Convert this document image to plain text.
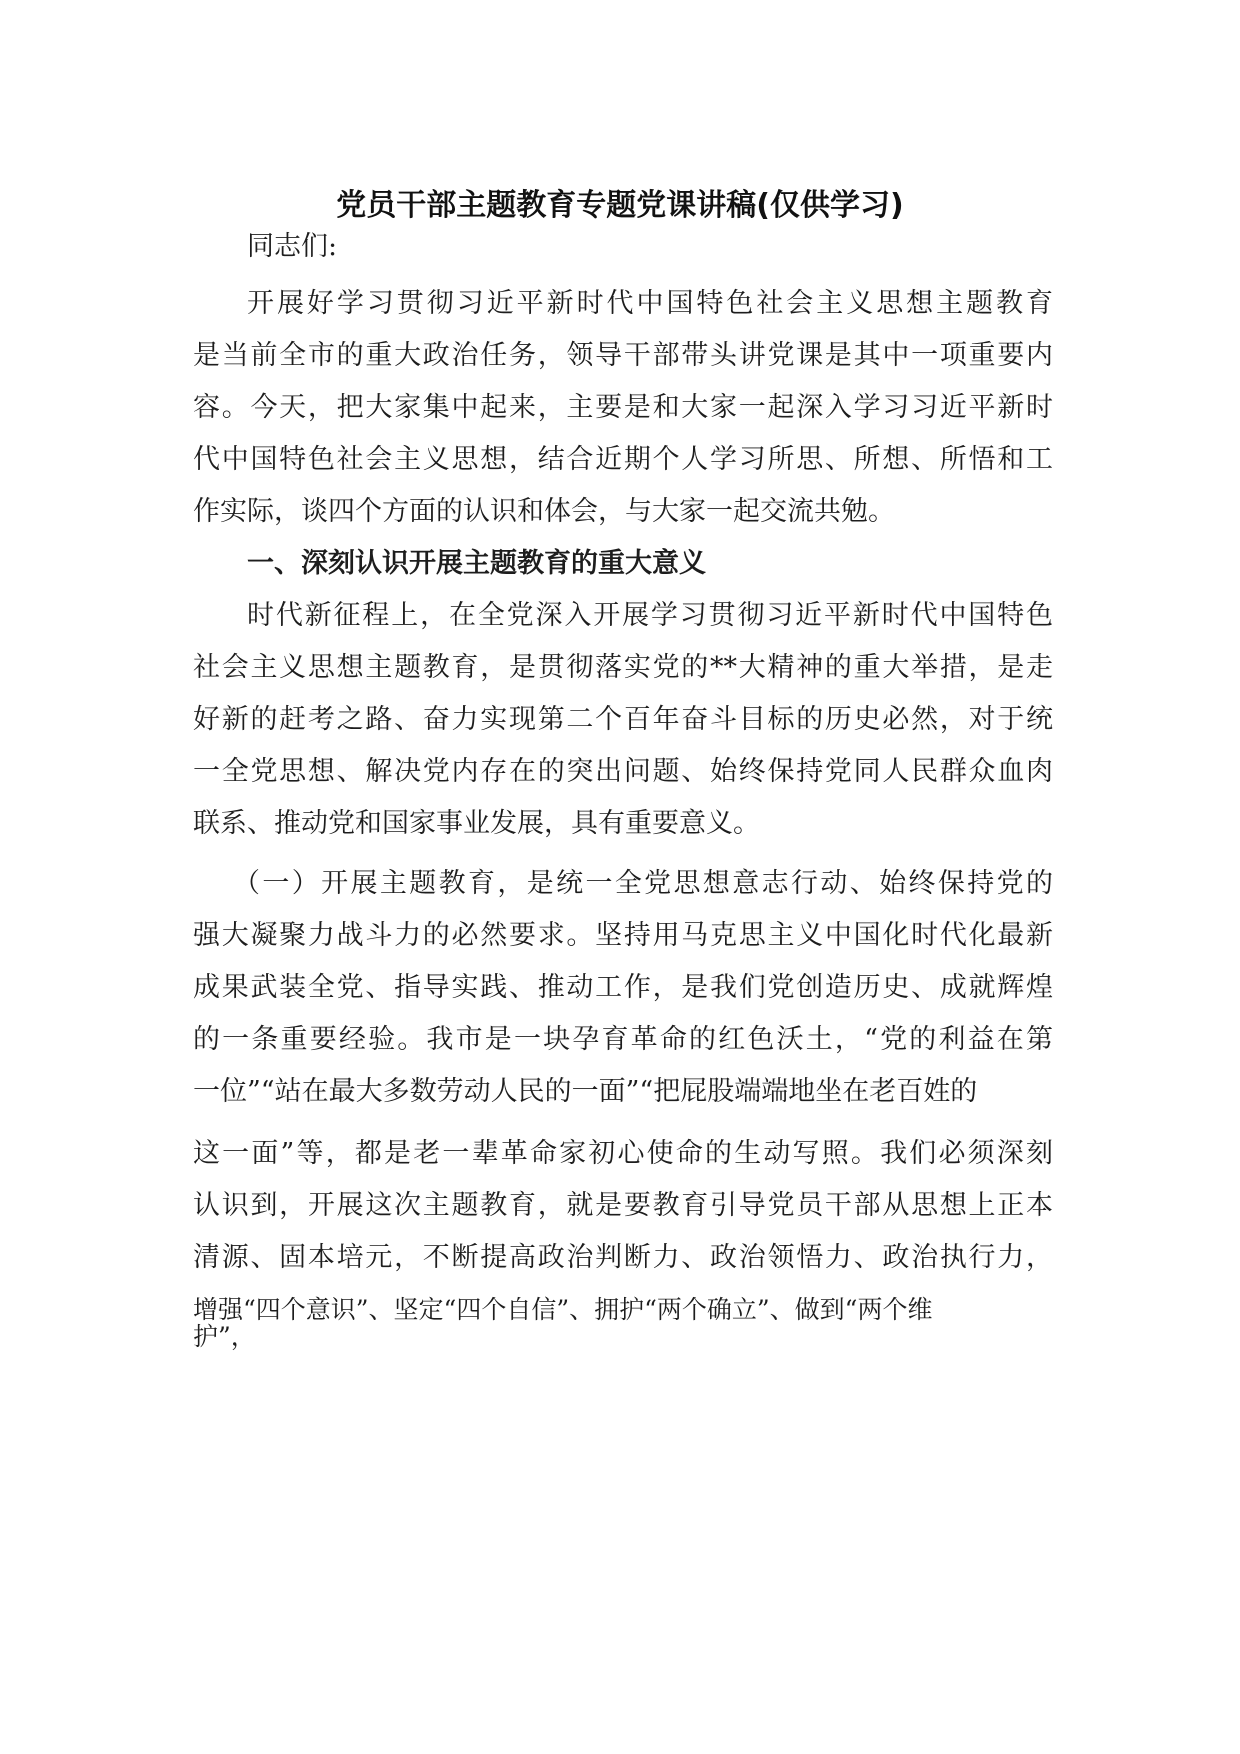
党员干部主题教育专题党课讲稿(仅供学习)
同志们:
开展好学习贯彻习近平新时代中国特色社会主义思想主题教育
是当前全市的重大政治任务，领导干部带头讲党课是其中一项重要内
容。今天，把大家集中起来，主要是和大家一起深入学习习近平新时
代中国特色社会主义思想，结合近期个人学习所思、所想、所悟和工
作实际，谈四个方面的认识和体会，与大家一起交流共勉。
一、深刻认识开展主题教育的重大意义
时代新征程上，在全党深入开展学习贯彻习近平新时代中国特色
社会主义思想主题教育，是贯彻落实党的**大精神的重大举措，是走
好新的赶考之路、奋力实现第二个百年奋斗目标的历史必然，对于统
一全党思想、解决党内存在的突出问题、始终保持党同人民群众血肉
联系、推动党和国家事业发展，具有重要意义。
（一）开展主题教育，是统一全党思想意志行动、始终保持党的
强大凝聚力战斗力的必然要求。坚持用马克思主义中国化时代化最新
成果武装全党、指导实践、推动工作，是我们党创造历史、成就辉煌
的一条重要经验。我市是一块孕育革命的红色沃土，“党的利益在第
一位”“站在最大多数劳动人民的一面”“把屁股端端地坐在老百姓的
这一面”等，都是老一辈革命家初心使命的生动写照。我们必须深刻
认识到，开展这次主题教育，就是要教育引导党员干部从思想上正本
清源、固本培元，不断提高政治判断力、政治领悟力、政治执行力，
增强“四个意识”、坚定“四个自信”、拥护“两个确立”、做到“两个维
护”，
